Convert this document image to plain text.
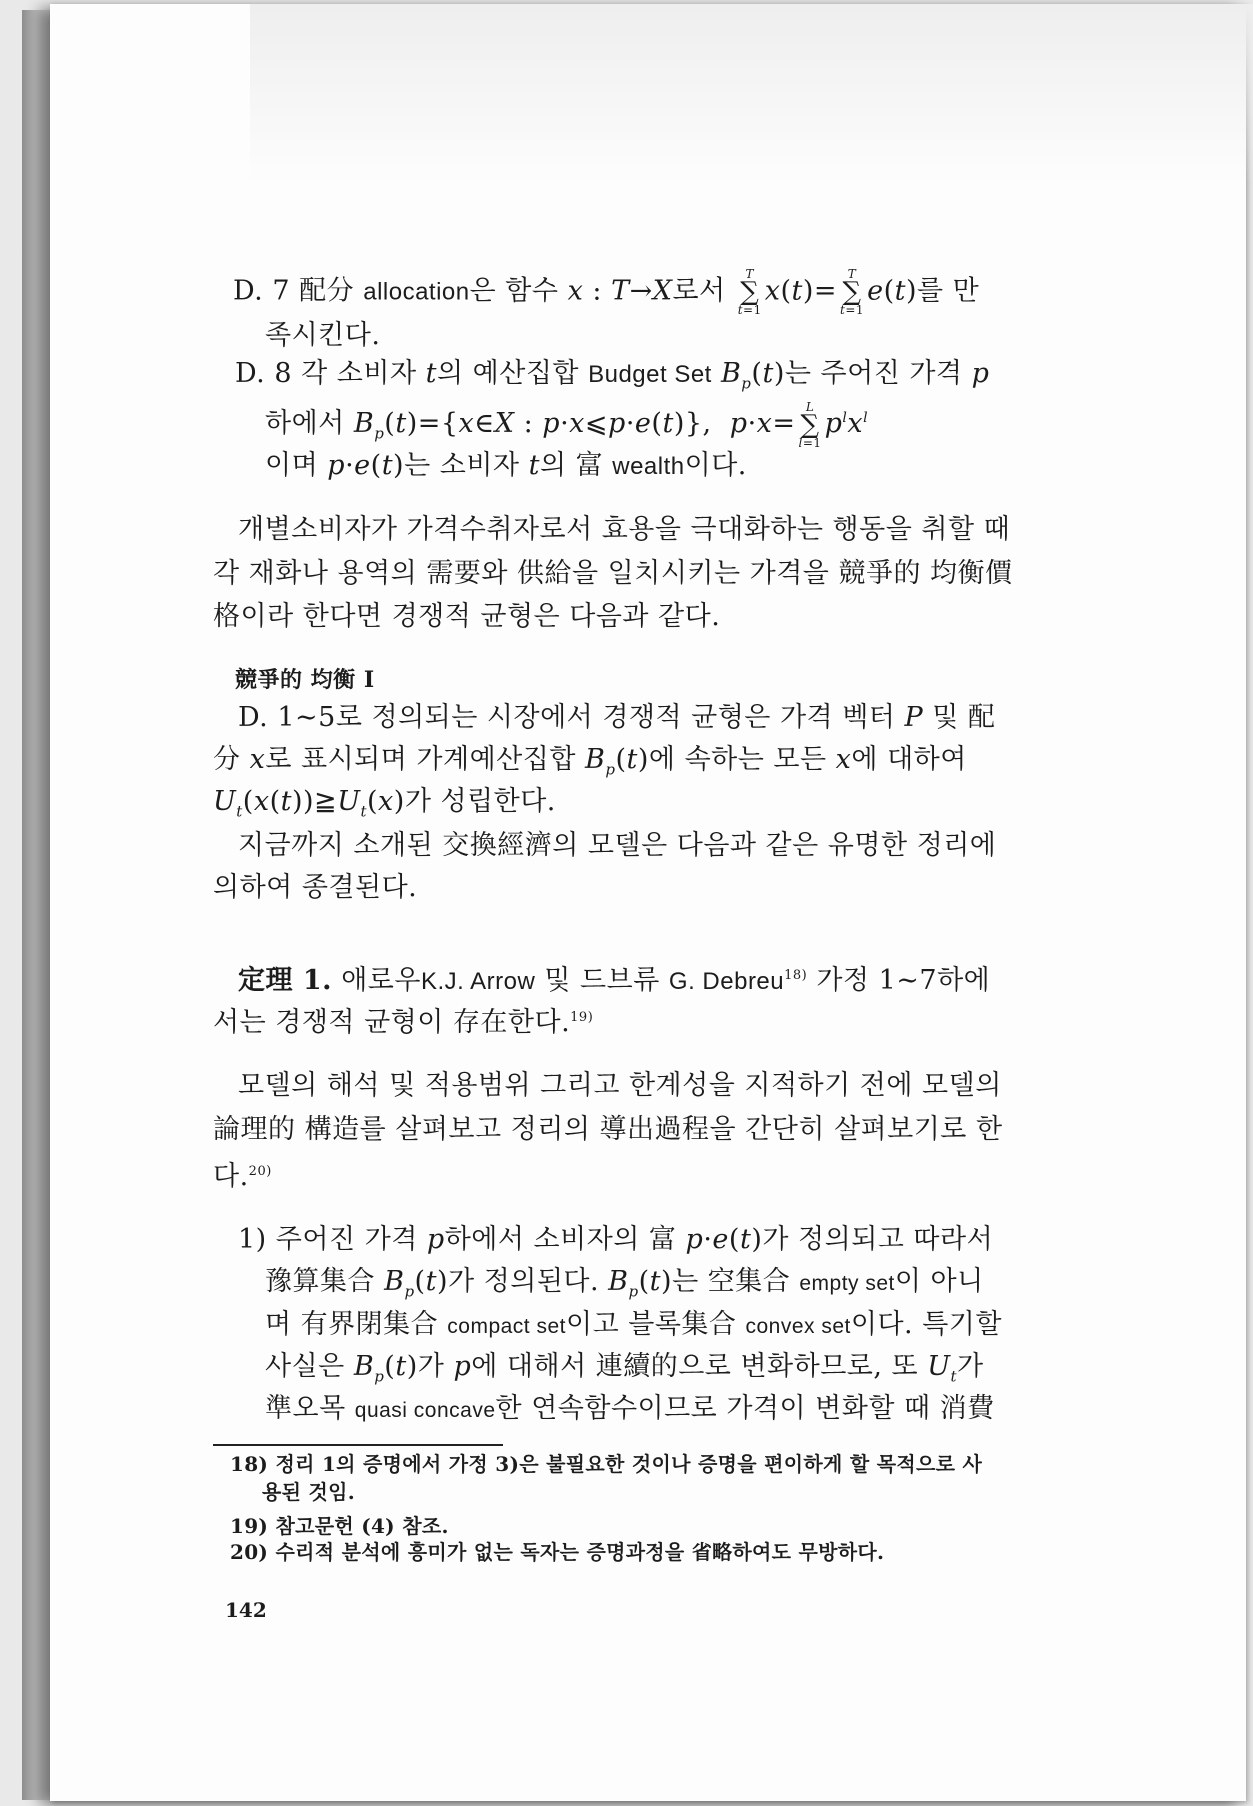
D. 7 配分 allocation은 함수 x : T→X로서 T
∑
t=1x(t)=T
∑
t=1e(t)를 만
족시킨다.
D. 8 각 소비자 t의 예산집합 Budget Set $B_p(t)$는 주어진 가격 p
하에서 $B_p(t)=\{x\in X$ : p·x⩽p·e(t)},  p·x=L
∑
$l=1p^lx^l$
이며 p·e(t)는 소비자 t의 富 wealth이다.
개별소비자가 가격수취자로서 효용을 극대화하는 행동을 취할 때
각 재화나 용역의 需要와 供給을 일치시키는 가격을 競爭的 均衡價
格이라 한다면 경쟁적 균형은 다음과 같다.
競爭的 均衡 I
D. 1∼5로 정의되는 시장에서 경쟁적 균형은 가격 벡터 P 및 配
分 x로 표시되며 가계예산집합 $B_p(t)$에 속하는 모든 x에 대하여
$U_t(x(t))≧U_t(x)$가 성립한다.
지금까지 소개된 交換經濟의 모델은 다음과 같은 유명한 정리에
의하여 종결된다.
定理 1. 애로우K.J. Arrow 및 드브류 G. Debreu$^{18)}$ 가정 1∼7하에
서는 경쟁적 균형이 存在한다.$^{19)}$
모델의 해석 및 적용범위 그리고 한계성을 지적하기 전에 모델의
論理的 構造를 살펴보고 정리의 導出過程을 간단히 살펴보기로 한
다.$^{20)}$
1) 주어진 가격 p하에서 소비자의 富 p·e(t)가 정의되고 따라서
豫算集合 $B_p(t)$가 정의된다. $B_p(t)$는 空集合 empty set이 아니
며 有界閉集合 compact set이고 블록集合 convex set이다. 특기할
사실은 $B_p(t)$가 p에 대해서 連續的으로 변화하므로, 또 $U_t$가
準오목 quasi concave한 연속함수이므로 가격이 변화할 때 消費
18) 정리 1의 증명에서 가정 3)은 불필요한 것이나 증명을 편이하게 할 목적으로 사
용된 것임.
19) 참고문헌 (4) 참조.
20) 수리적 분석에 흥미가 없는 독자는 증명과정을 省略하여도 무방하다.
142
